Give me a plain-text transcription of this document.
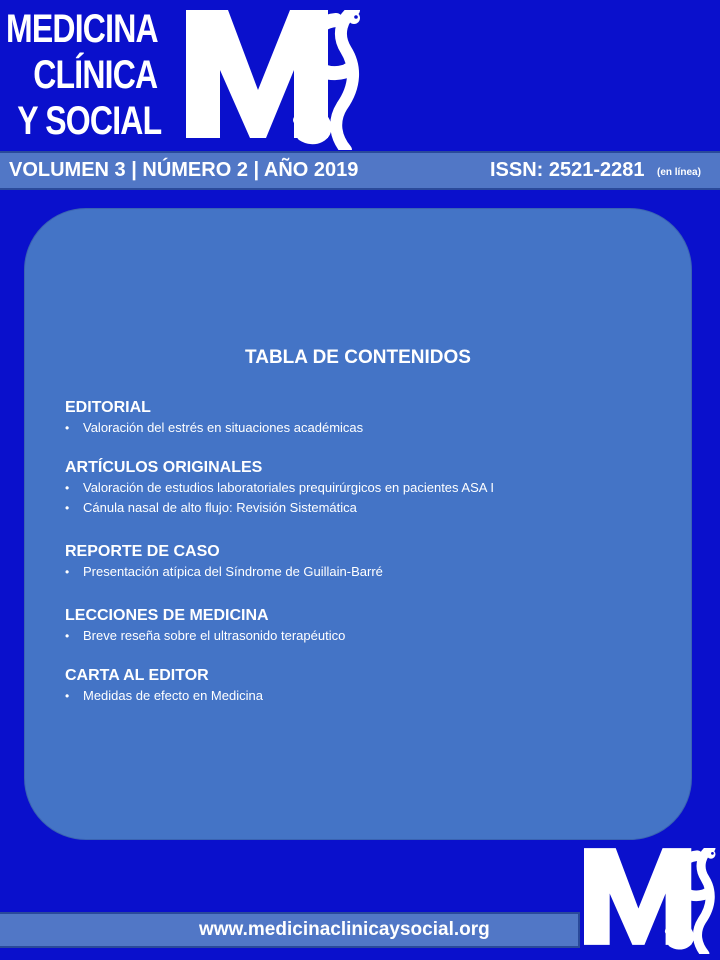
MEDICINA
CLÍNICA
Y SOCIAL
VOLUMEN 3 | NÚMERO 2 | AÑO 2019	ISSN: 2521-2281 (en línea)
TABLA DE CONTENIDOS
EDITORIAL
• Valoración del estrés en situaciones académicas
ARTÍCULOS ORIGINALES
• Valoración de estudios laboratoriales prequirúrgicos en pacientes ASA I
• Cánula nasal de alto flujo: Revisión Sistemática
REPORTE DE CASO
• Presentación atípica del Síndrome de Guillain-Barré
LECCIONES DE MEDICINA
• Breve reseña sobre el ultrasonido terapéutico
CARTA AL EDITOR
• Medidas de efecto en Medicina
www.medicinaclinicaysocial.org
